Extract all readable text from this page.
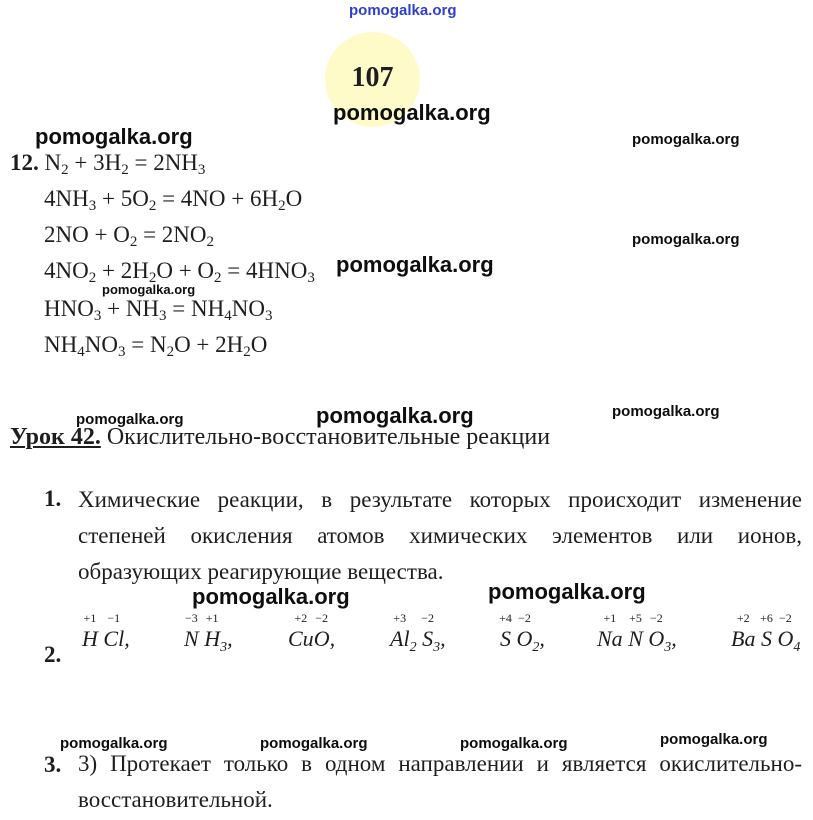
pomogalka.org
107
12. $N_2 + 3H_2 = 2NH_3$
$4NH_3 + 5O_2 = 4NO + 6H_2O$
$2NO + O_2 = 2NO_2$
$4NO_2 + 2H_2O + O_2 = 4HNO_3$
$HNO_3 + NH_3 = NH_4NO_3$
$NH_4NO_3 = N_2O + 2H_2O$
Урок 42. Окислительно-восстановительные реакции
1. Химические реакции, в результате которых происходит изменение степеней окисления атомов химических элементов или ионов, образующих реагирующие вещества.
2.
+1
H
−1
Cl,
−3
N
+1
$H_3$,
+2
Cu
−2
O,
+3
$Al_2$
−2
$S_3$,
+4
S
−2
$O_2$,
+1
Na
+5
N
−2
$O_3$,
+2
Ba
+6
S
−2
$O_4$
3. 3) Протекает только в одном направлении и является окислительно-восстановительной.
pomogalka.org
pomogalka.org	pomogalka.org
pomogalka.org
pomogalka.org
pomogalka.org
pomogalka.org
pomogalka.org	pomogalka.org
pomogalka.org	pomogalka.org
pomogalka.org	pomogalka.org	pomogalka.org	pomogalka.org
